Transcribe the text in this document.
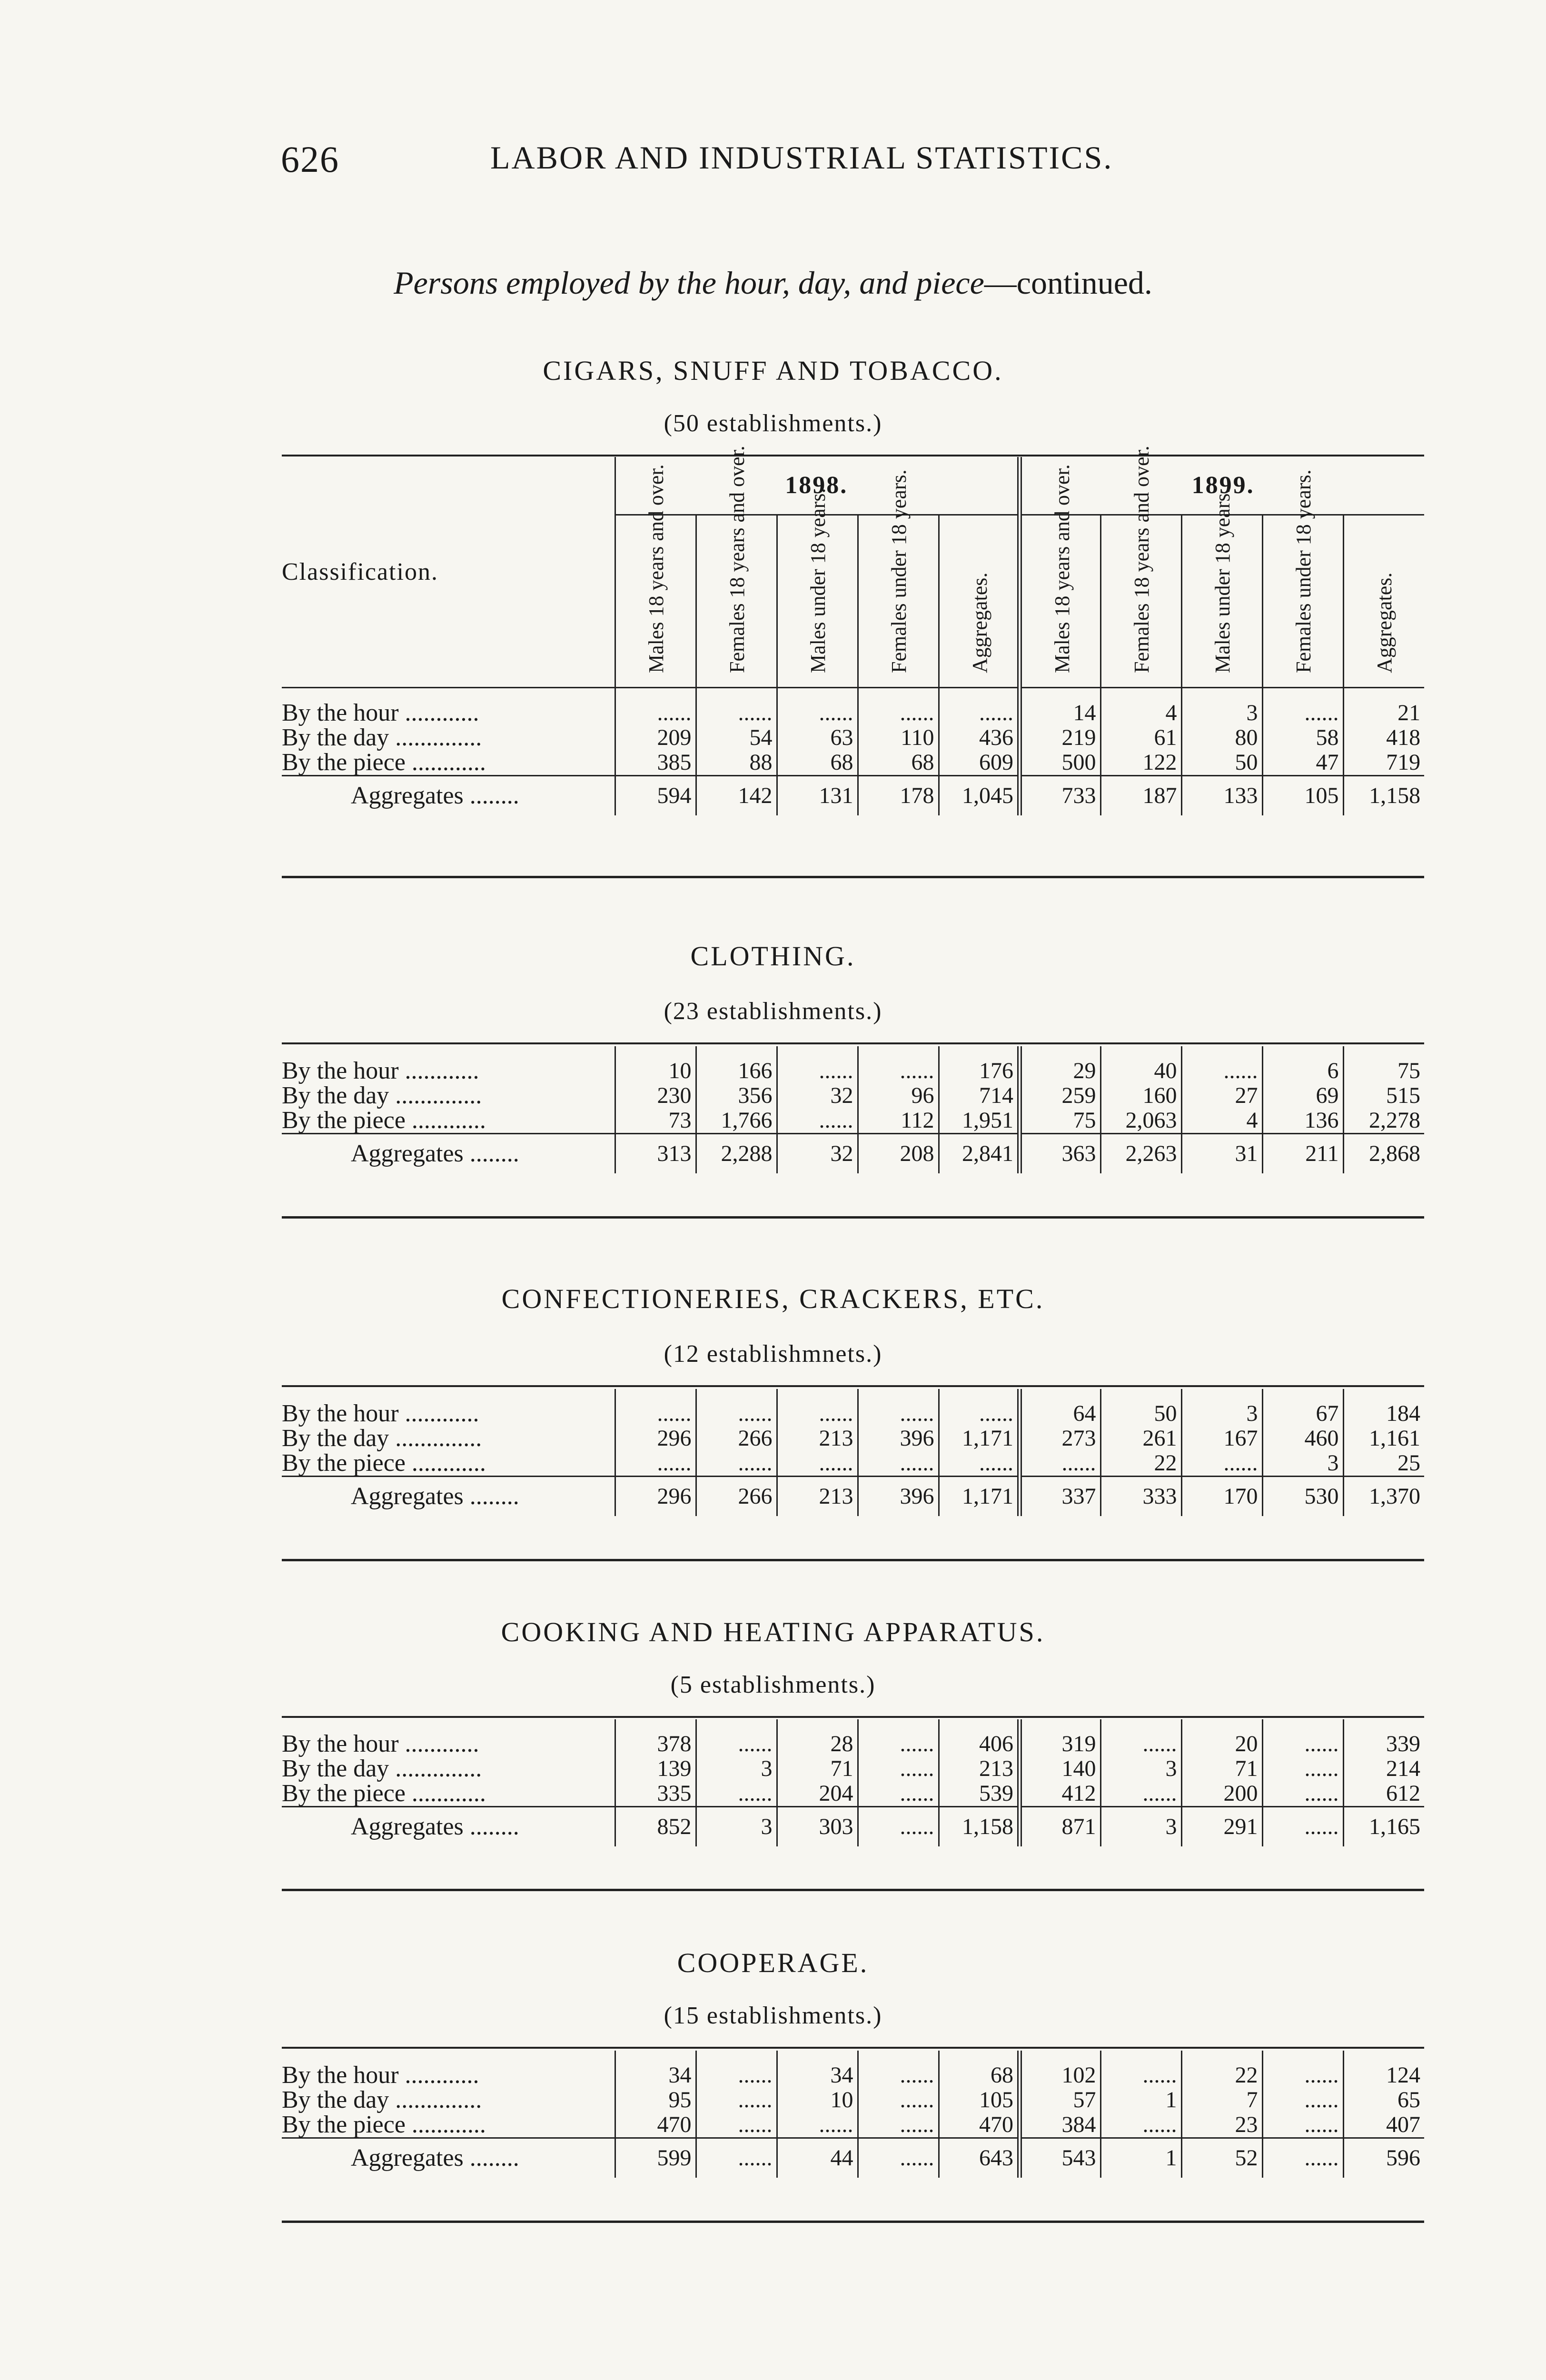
626	LABOR AND INDUSTRIAL STATISTICS.
Persons employed by the hour, day, and piece—continued.
CIGARS, SNUFF AND TOBACCO.
(50 establishments.)
Classification.	1898.					1899.				
	Males 18 years and over.	Females 18 years and over.	Males under 18 years.	Females under 18 years.	Aggregates.	Males 18 years and over.	Females 18 years and over.	Males under 18 years.	Females under 18 years.	Aggregates.
By the hour ............	......	......	......	......	......	14	4	3	......	21
By the day ..............	209	54	63	110	436	219	61	80	58	418
By the piece ............	385	88	68	68	609	500	122	50	47	719
Aggregates ........	594	142	131	178	1,045	733	187	133	105	1,158
CLOTHING.
(23 establishments.)
By the hour ............	10	166	......	......	176	29	40	......	6	75
By the day ..............	230	356	32	96	714	259	160	27	69	515
By the piece ............	73	1,766	......	112	1,951	75	2,063	4	136	2,278
Aggregates ........	313	2,288	32	208	2,841	363	2,263	31	211	2,868
CONFECTIONERIES, CRACKERS, ETC.
(12 establishmnets.)
By the hour ............	......	......	......	......	......	64	50	3	67	184
By the day ..............	296	266	213	396	1,171	273	261	167	460	1,161
By the piece ............	......	......	......	......	......	......	22	......	3	25
Aggregates ........	296	266	213	396	1,171	337	333	170	530	1,370
COOKING AND HEATING APPARATUS.
(5 establishments.)
By the hour ............	378	......	28	......	406	319	......	20	......	339
By the day ..............	139	3	71	......	213	140	3	71	......	214
By the piece ............	335	......	204	......	539	412	......	200	......	612
Aggregates ........	852	3	303	......	1,158	871	3	291	......	1,165
COOPERAGE.
(15 establishments.)
By the hour ............	34	......	34	......	68	102	......	22	......	124
By the day ..............	95	......	10	......	105	57	1	7	......	65
By the piece ............	470	......	......	......	470	384	......	23	......	407
Aggregates ........	599	......	44	......	643	543	1	52	......	596
